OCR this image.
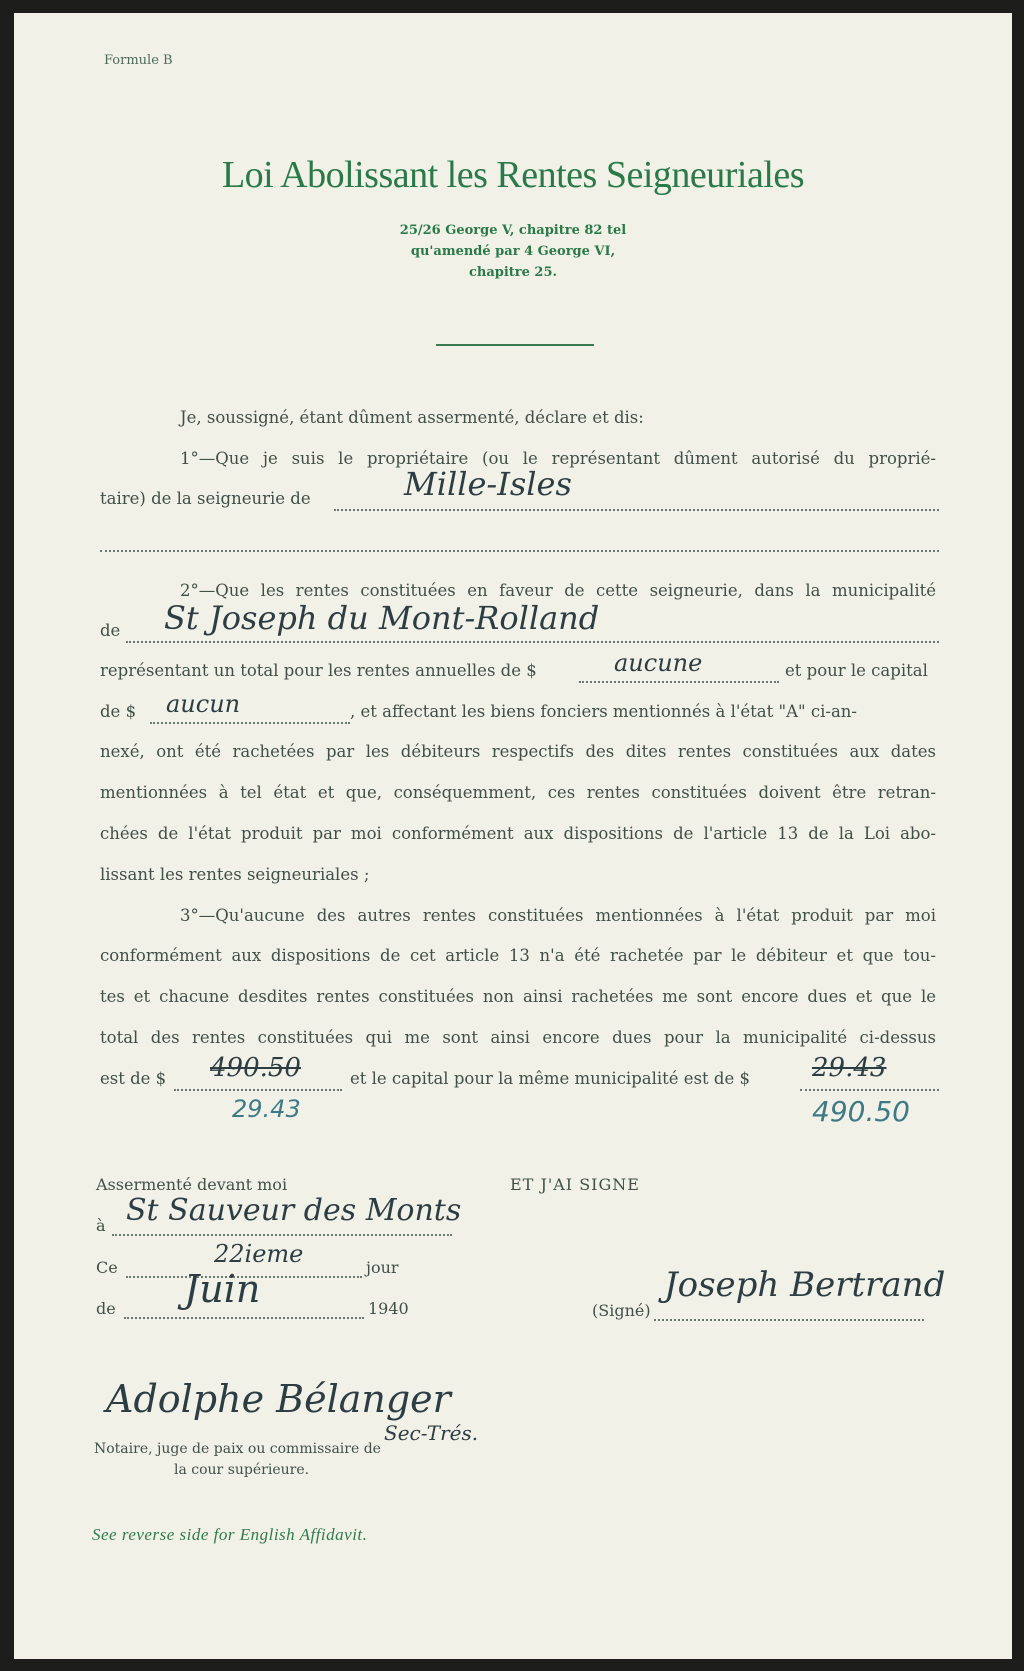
Formule B
Loi Abolissant les Rentes Seigneuriales
25/26 George V, chapitre 82 tel
qu'amendé par 4 George VI,
chapitre 25.
Je, soussigné, étant dûment assermenté, déclare et dis:
1°—Que je suis le propriétaire (ou le représentant dûment autorisé du proprié-
taire) de la seigneurie de	Mille-Isles
2°—Que les rentes constituées en faveur de cette seigneurie, dans la municipalité
de St Joseph du Mont-Rolland
représentant un total pour les rentes annuelles de $	aucune	et pour le capital
de $ aucun	, et affectant les biens fonciers mentionnés à l'état "A" ci-an-
nexé, ont été rachetées par les débiteurs respectifs des dites rentes constituées aux dates
mentionnées à tel état et que, conséquemment, ces rentes constituées doivent être retran-
chées de l'état produit par moi conformément aux dispositions de l'article 13 de la Loi abo-
lissant les rentes seigneuriales ;
3°—Qu'aucune des autres rentes constituées mentionnées à l'état produit par moi
conformément aux dispositions de cet article 13 n'a été rachetée par le débiteur et que tou-
tes et chacune desdites rentes constituées non ainsi rachetées me sont encore dues et que le
total des rentes constituées qui me sont ainsi encore dues pour la municipalité ci-dessus
est de $ 490.50
29.43
et le capital pour la même municipalité est de $ 29.43
490.50
Assermenté devant moi	ET J'AI SIGNE
à St Sauveur des Monts
Ce	22ieme	jour
de Juin	1940	(Signé)
Joseph Bertrand
Adolphe Bélanger
Sec-Trés.
Notaire, juge de paix ou commissaire de
la cour supérieure.
See reverse side for English Affidavit.
